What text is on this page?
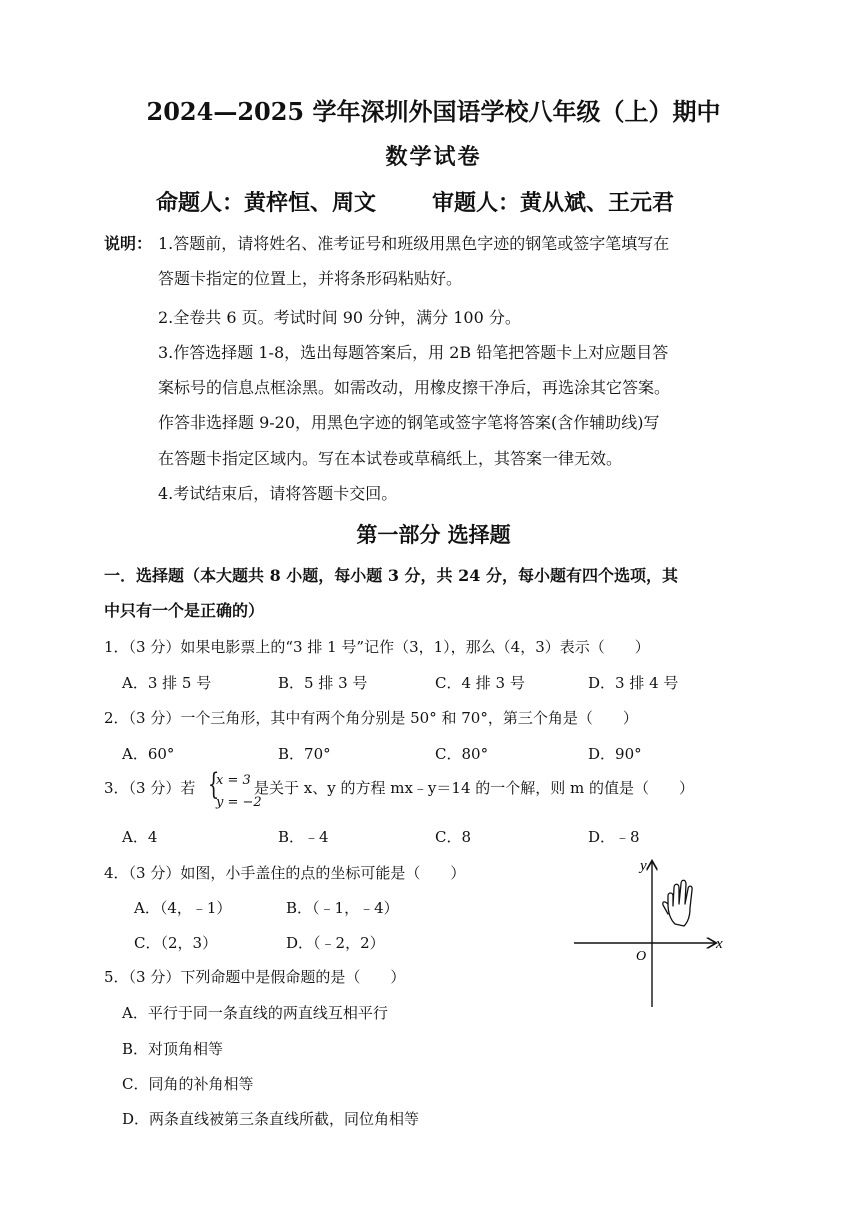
2024—2025 学年深圳外国语学校八年级（上）期中
数学试卷
命题人：黄梓恒、周文	审题人：黄从斌、王元君
说明： 1.答题前，请将姓名、准考证号和班级用黑色字迹的钢笔或签字笔填写在
答题卡指定的位置上，并将条形码粘贴好。
2.全卷共 6 页。考试时间 90 分钟，满分 100 分。
3.作答选择题 1-8，选出每题答案后，用 2B 铅笔把答题卡上对应题目答
案标号的信息点框涂黑。如需改动，用橡皮擦干净后，再选涂其它答案。
作答非选择题 9-20，用黑色字迹的钢笔或签字笔将答案(含作辅助线)写
在答题卡指定区域内。写在本试卷或草稿纸上，其答案一律无效。
4.考试结束后，请将答题卡交回。
第一部分 选择题
一．选择题（本大题共 8 小题，每小题 3 分，共 24 分，每小题有四个选项，其
中只有一个是正确的）
1．（3 分）如果电影票上的“3 排 1 号”记作（3，1），那么（4，3）表示（　　）
A．3 排 5 号	B．5 排 3 号	C．4 排 3 号	D．3 排 4 号
2．（3 分）一个三角形，其中有两个角分别是 50° 和 70°，第三个角是（　　）
A．60°	B．70°	C．80°	D．90°
3．（3 分）若 {
x = 3
y = −2
是关于 x、y 的方程 mx﹣y＝14 的一个解，则 m 的值是（　　）
A．4	B．﹣4	C．8	D．﹣8
4．（3 分）如图，小手盖住的点的坐标可能是（　　）
A．（4，﹣1）	B．（﹣1，﹣4）
C．（2，3）	D．（﹣2，2）
y
x
O
5．（3 分）下列命题中是假命题的是（　　）
A．平行于同一条直线的两直线互相平行
B．对顶角相等
C．同角的补角相等
D．两条直线被第三条直线所截，同位角相等
